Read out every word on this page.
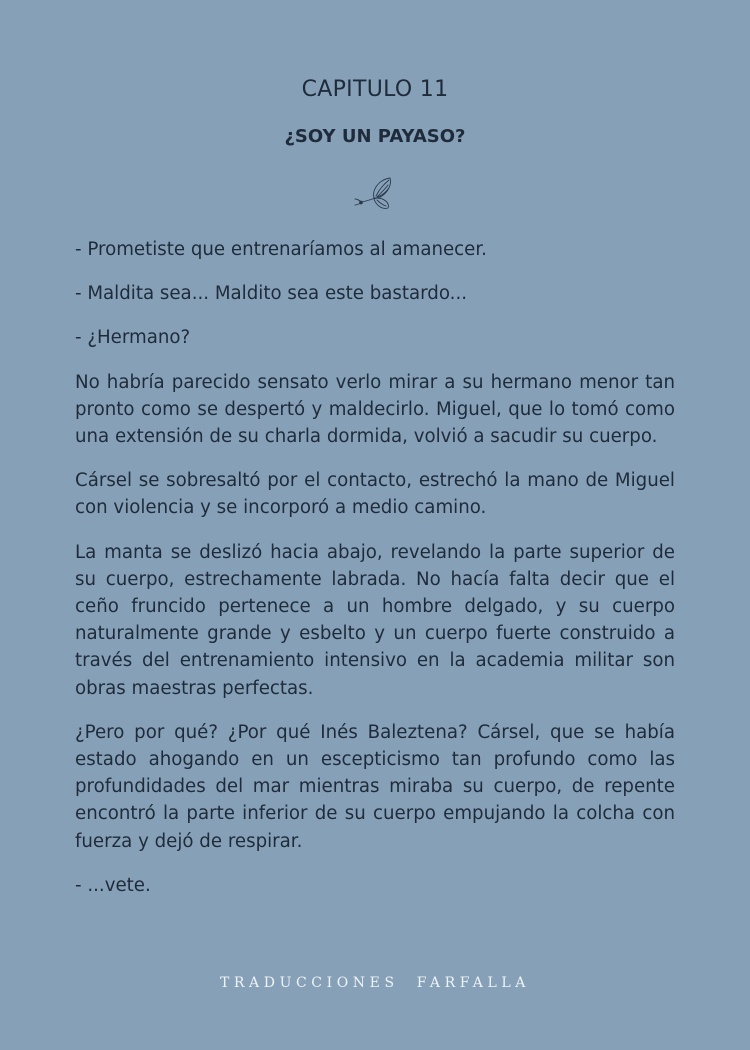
CAPITULO 11
¿SOY UN PAYASO?

- Prometiste que entrenaríamos al amanecer.

- Maldita sea... Maldito sea este bastardo...

- ¿Hermano?

No habría parecido sensato verlo mirar a su hermano menor tan pronto como se despertó y maldecirlo. Miguel, que lo tomó como una extensión de su charla dormida, volvió a sacudir su cuerpo.

Cársel se sobresaltó por el contacto, estrechó la mano de Miguel con violencia y se incorporó a medio camino.

La manta se deslizó hacia abajo, revelando la parte superior de su cuerpo, estrechamente labrada. No hacía falta decir que el ceño fruncido pertenece a un hombre delgado, y su cuerpo naturalmente grande y esbelto y un cuerpo fuerte construido a través del entrenamiento intensivo en la academia militar son obras maestras perfectas.

¿Pero por qué? ¿Por qué Inés Baleztena? Cársel, que se había estado ahogando en un escepticismo tan profundo como las profundidades del mar mientras miraba su cuerpo, de repente encontró la parte inferior de su cuerpo empujando la colcha con fuerza y dejó de respirar.

- ...vete.

TRADUCCIONES  FARFALLA
